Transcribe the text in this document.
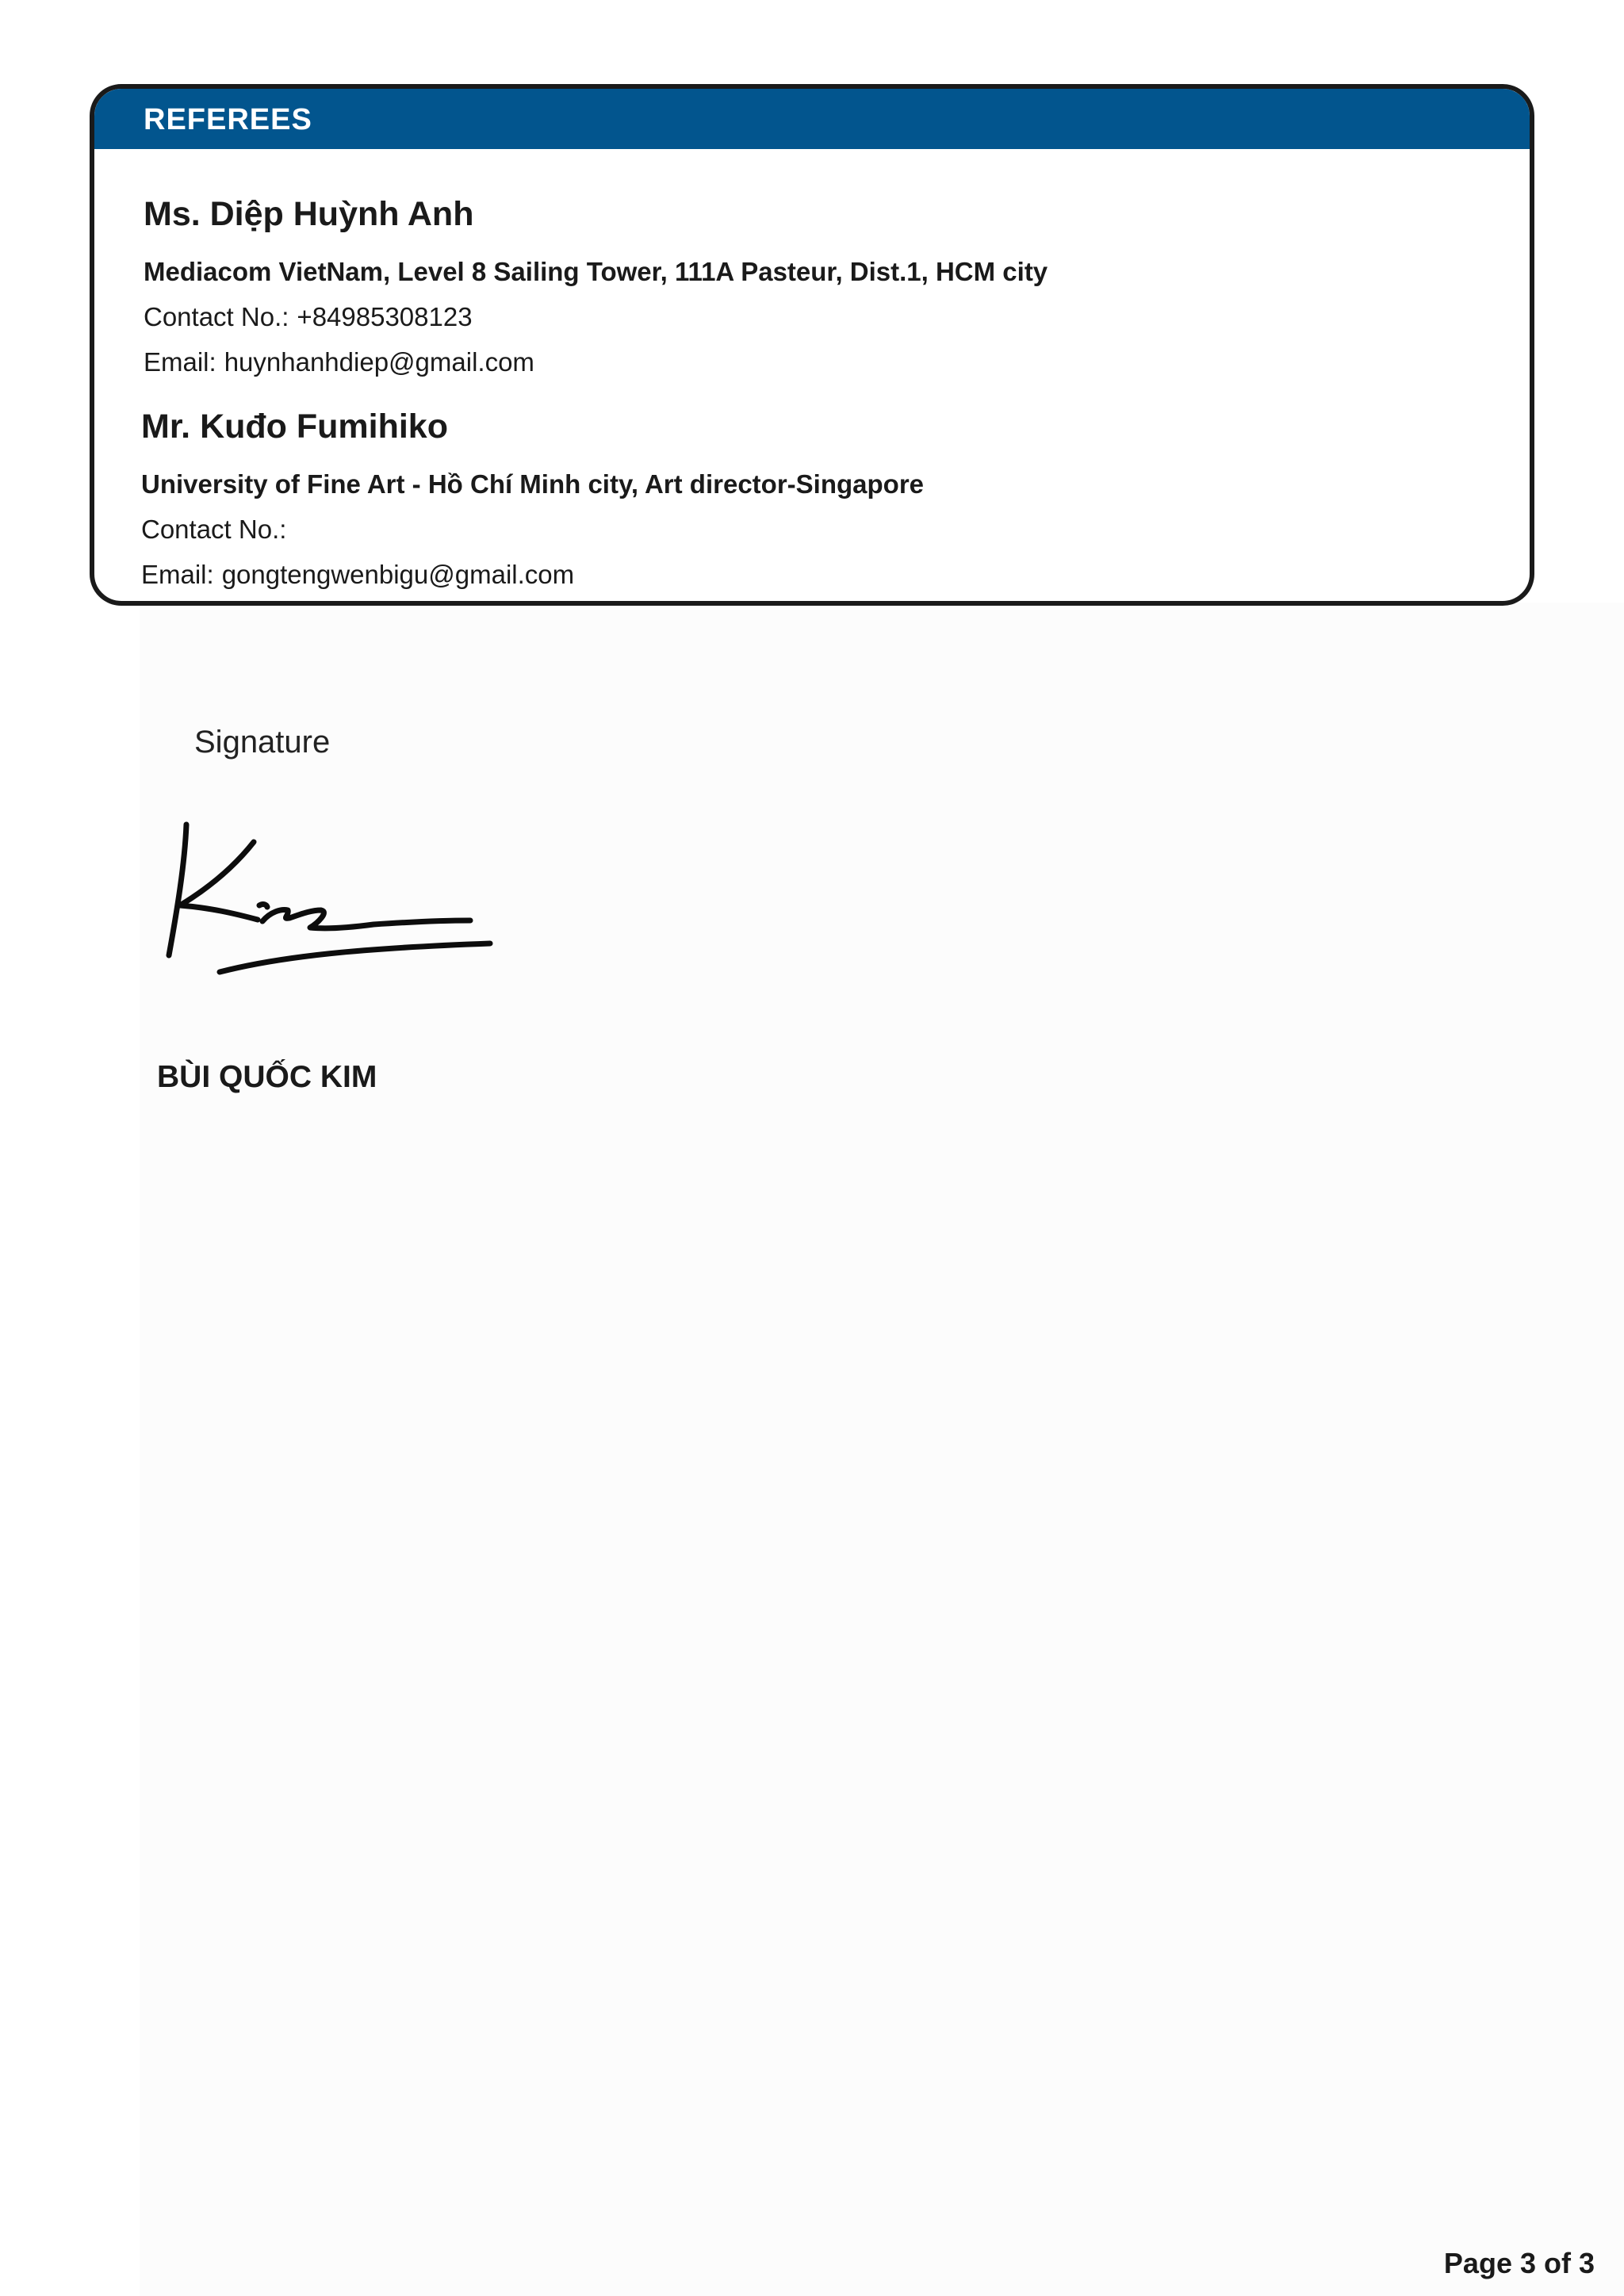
REFEREES
Ms. Diệp Huỳnh Anh
Mediacom VietNam, Level 8 Sailing Tower, 111A Pasteur, Dist.1, HCM city
Contact No.: +84985308123
Email: huynhanhdiep@gmail.com
Mr. Kuđo Fumihiko
University of Fine Art - Hồ Chí Minh city, Art director-Singapore
Contact No.:
Email: gongtengwenbigu@gmail.com
Signature
BÙI QUỐC KIM
Page 3 of 3
